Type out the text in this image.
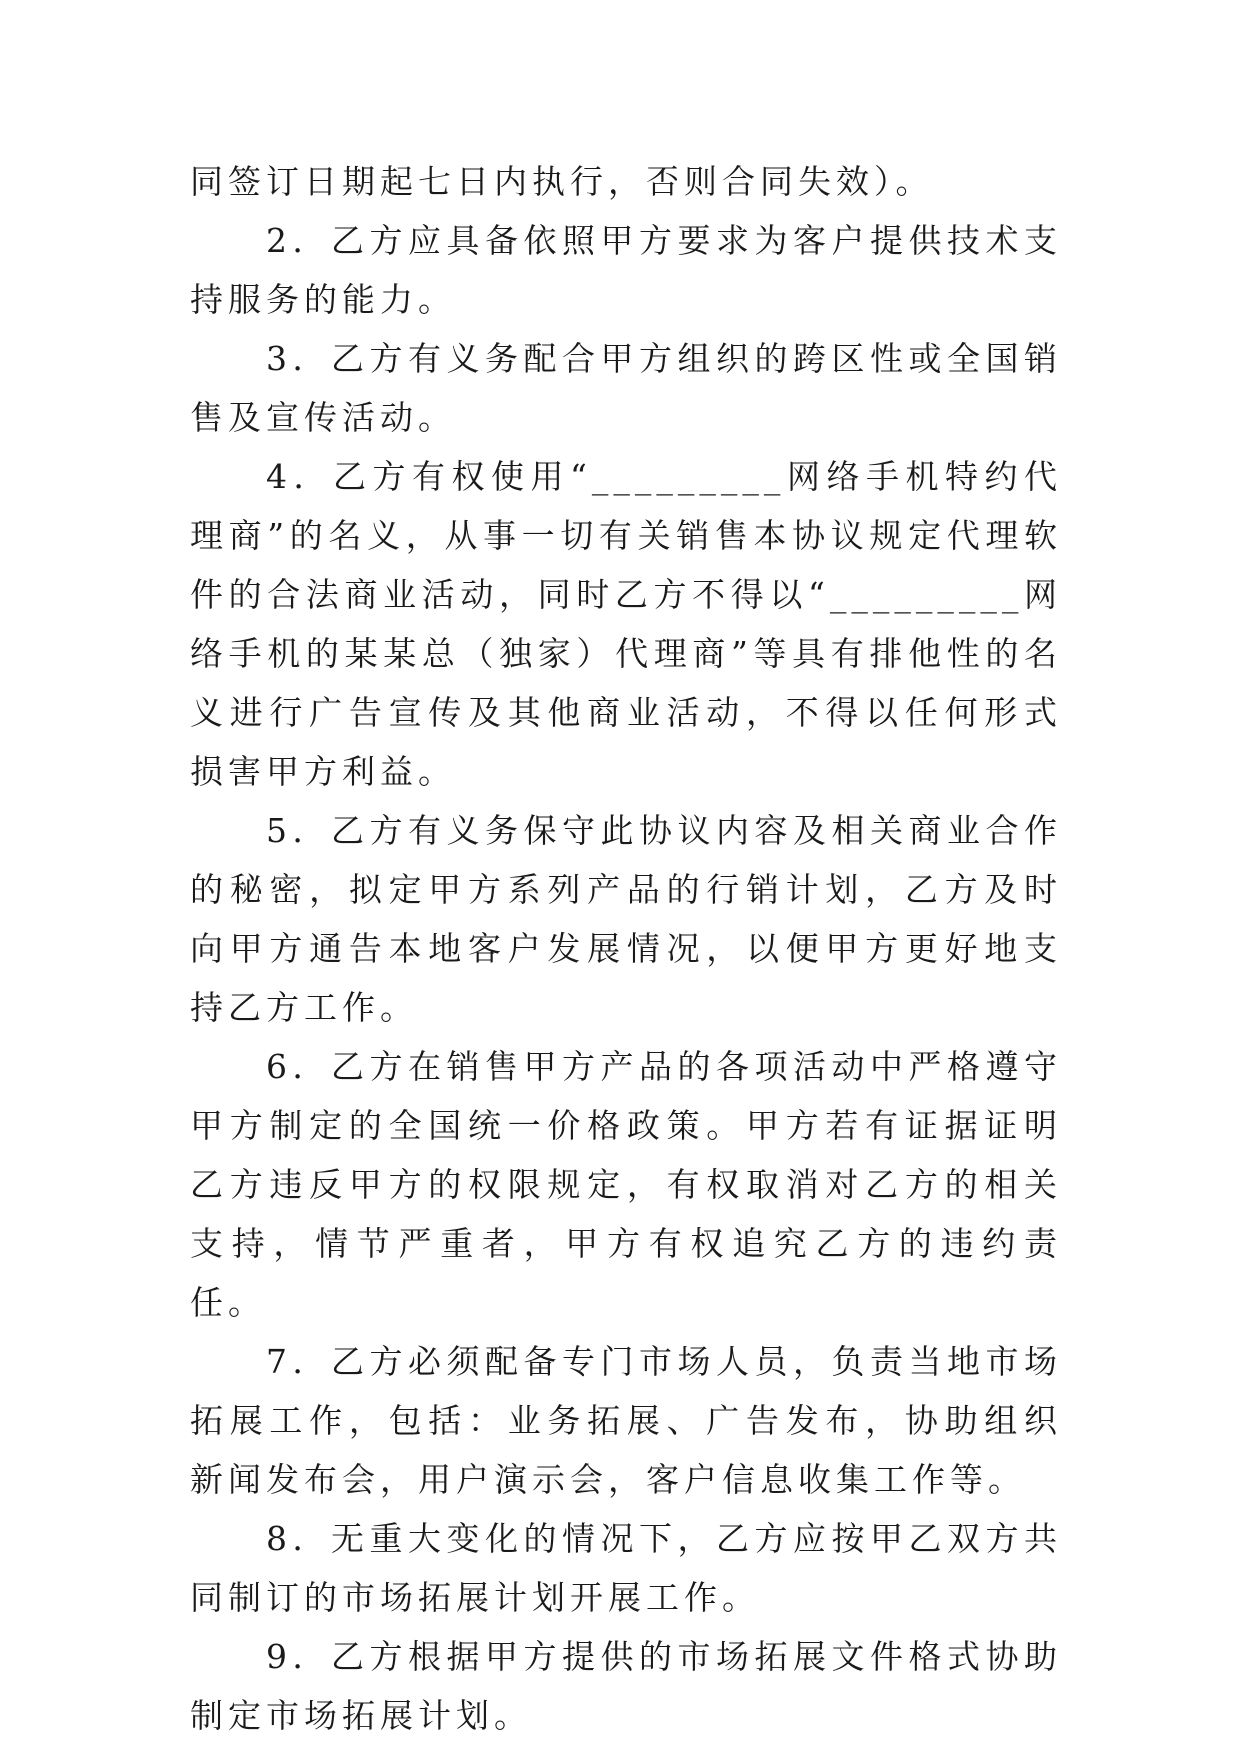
同签订日期起七日内执行，否则合同失效）。

2．乙方应具备依照甲方要求为客户提供技术支持服务的能力。

3．乙方有义务配合甲方组织的跨区性或全国销售及宣传活动。

4．乙方有权使用“_________网络手机特约代理商”的名义，从事一切有关销售本协议规定代理软件的合法商业活动，同时乙方不得以“_________网络手机的某某总（独家）代理商”等具有排他性的名义进行广告宣传及其他商业活动，不得以任何形式损害甲方利益。

5．乙方有义务保守此协议内容及相关商业合作的秘密，拟定甲方系列产品的行销计划，乙方及时向甲方通告本地客户发展情况，以便甲方更好地支持乙方工作。

6．乙方在销售甲方产品的各项活动中严格遵守甲方制定的全国统一价格政策。甲方若有证据证明乙方违反甲方的权限规定，有权取消对乙方的相关支持，情节严重者，甲方有权追究乙方的违约责任。

7．乙方必须配备专门市场人员，负责当地市场拓展工作，包括：业务拓展、广告发布，协助组织新闻发布会，用户演示会，客户信息收集工作等。

8．无重大变化的情况下，乙方应按甲乙双方共同制订的市场拓展计划开展工作。

9．乙方根据甲方提供的市场拓展文件格式协助制定市场拓展计划。
